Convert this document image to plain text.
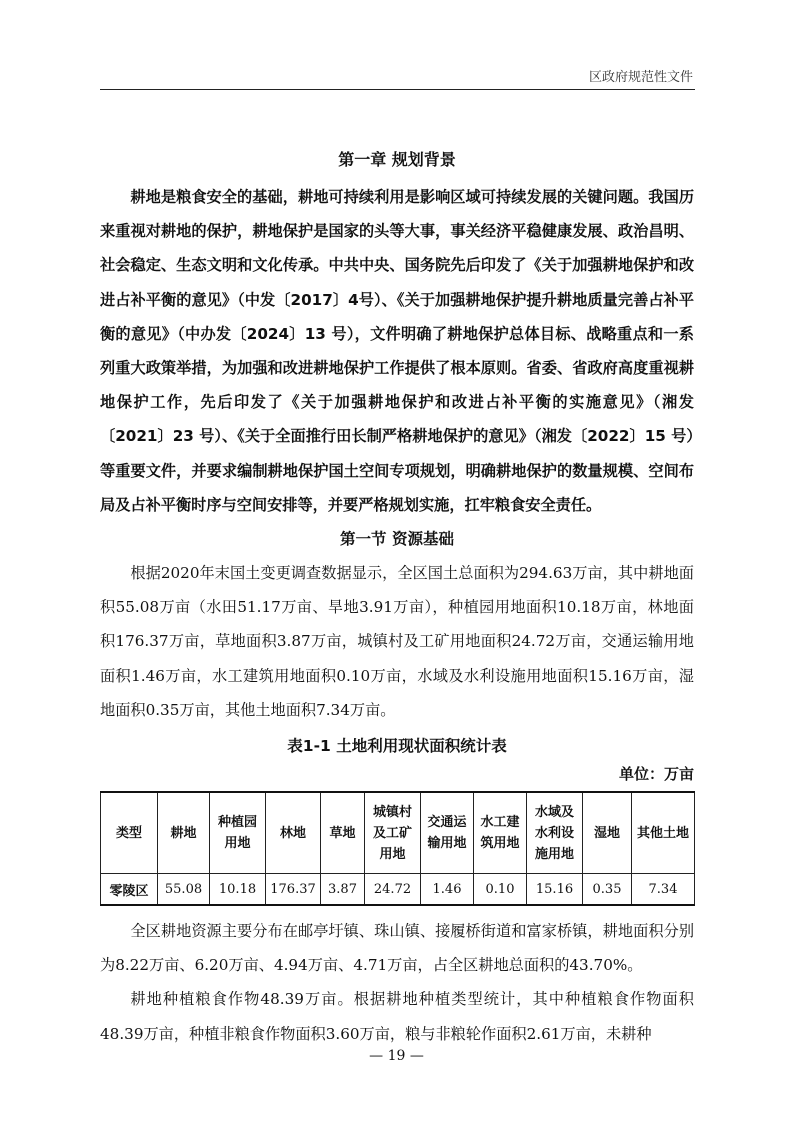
区政府规范性文件
第一章 规划背景

耕地是粮食安全的基础，耕地可持续利用是影响区域可持续发展的关键问题。我国历来重视对耕地的保护，耕地保护是国家的头等大事，事关经济平稳健康发展、政治昌明、社会稳定、生态文明和文化传承。中共中央、国务院先后印发了《关于加强耕地保护和改进占补平衡的意见》（中发〔2017〕4号）、《关于加强耕地保护提升耕地质量完善占补平衡的意见》（中办发〔2024〕13 号），文件明确了耕地保护总体目标、战略重点和一系列重大政策举措，为加强和改进耕地保护工作提供了根本原则。省委、省政府高度重视耕地保护工作，先后印发了《关于加强耕地保护和改进占补平衡的实施意见》（湘发〔2021〕23 号）、《关于全面推行田长制严格耕地保护的意见》（湘发〔2022〕15 号）等重要文件，并要求编制耕地保护国土空间专项规划，明确耕地保护的数量规模、空间布局及占补平衡时序与空间安排等，并要严格规划实施，扛牢粮食安全责任。

第一节 资源基础

根据2020年末国土变更调查数据显示，全区国土总面积为294.63万亩，其中耕地面积55.08万亩（水田51.17万亩、旱地3.91万亩），种植园用地面积10.18万亩，林地面积176.37万亩，草地面积3.87万亩，城镇村及工矿用地面积24.72万亩，交通运输用地面积1.46万亩，水工建筑用地面积0.10万亩，水域及水利设施用地面积15.16万亩，湿地面积0.35万亩，其他土地面积7.34万亩。

表1-1 土地利用现状面积统计表
单位：万亩
类型	耕地	种植园用地	林地	草地	城镇村及工矿用地	交通运输用地	水工建筑用地	水域及水利设施用地	湿地	其他土地
零陵区	55.08	10.18	176.37	3.87	24.72	1.46	0.10	15.16	0.35	7.34

全区耕地资源主要分布在邮亭圩镇、珠山镇、接履桥街道和富家桥镇，耕地面积分别为8.22万亩、6.20万亩、4.94万亩、4.71万亩，占全区耕地总面积的43.70%。

耕地种植粮食作物48.39万亩。根据耕地种植类型统计，其中种植粮食作物面积48.39万亩，种植非粮食作物面积3.60万亩，粮与非粮轮作面积2.61万亩，未耕种

— 19 —
